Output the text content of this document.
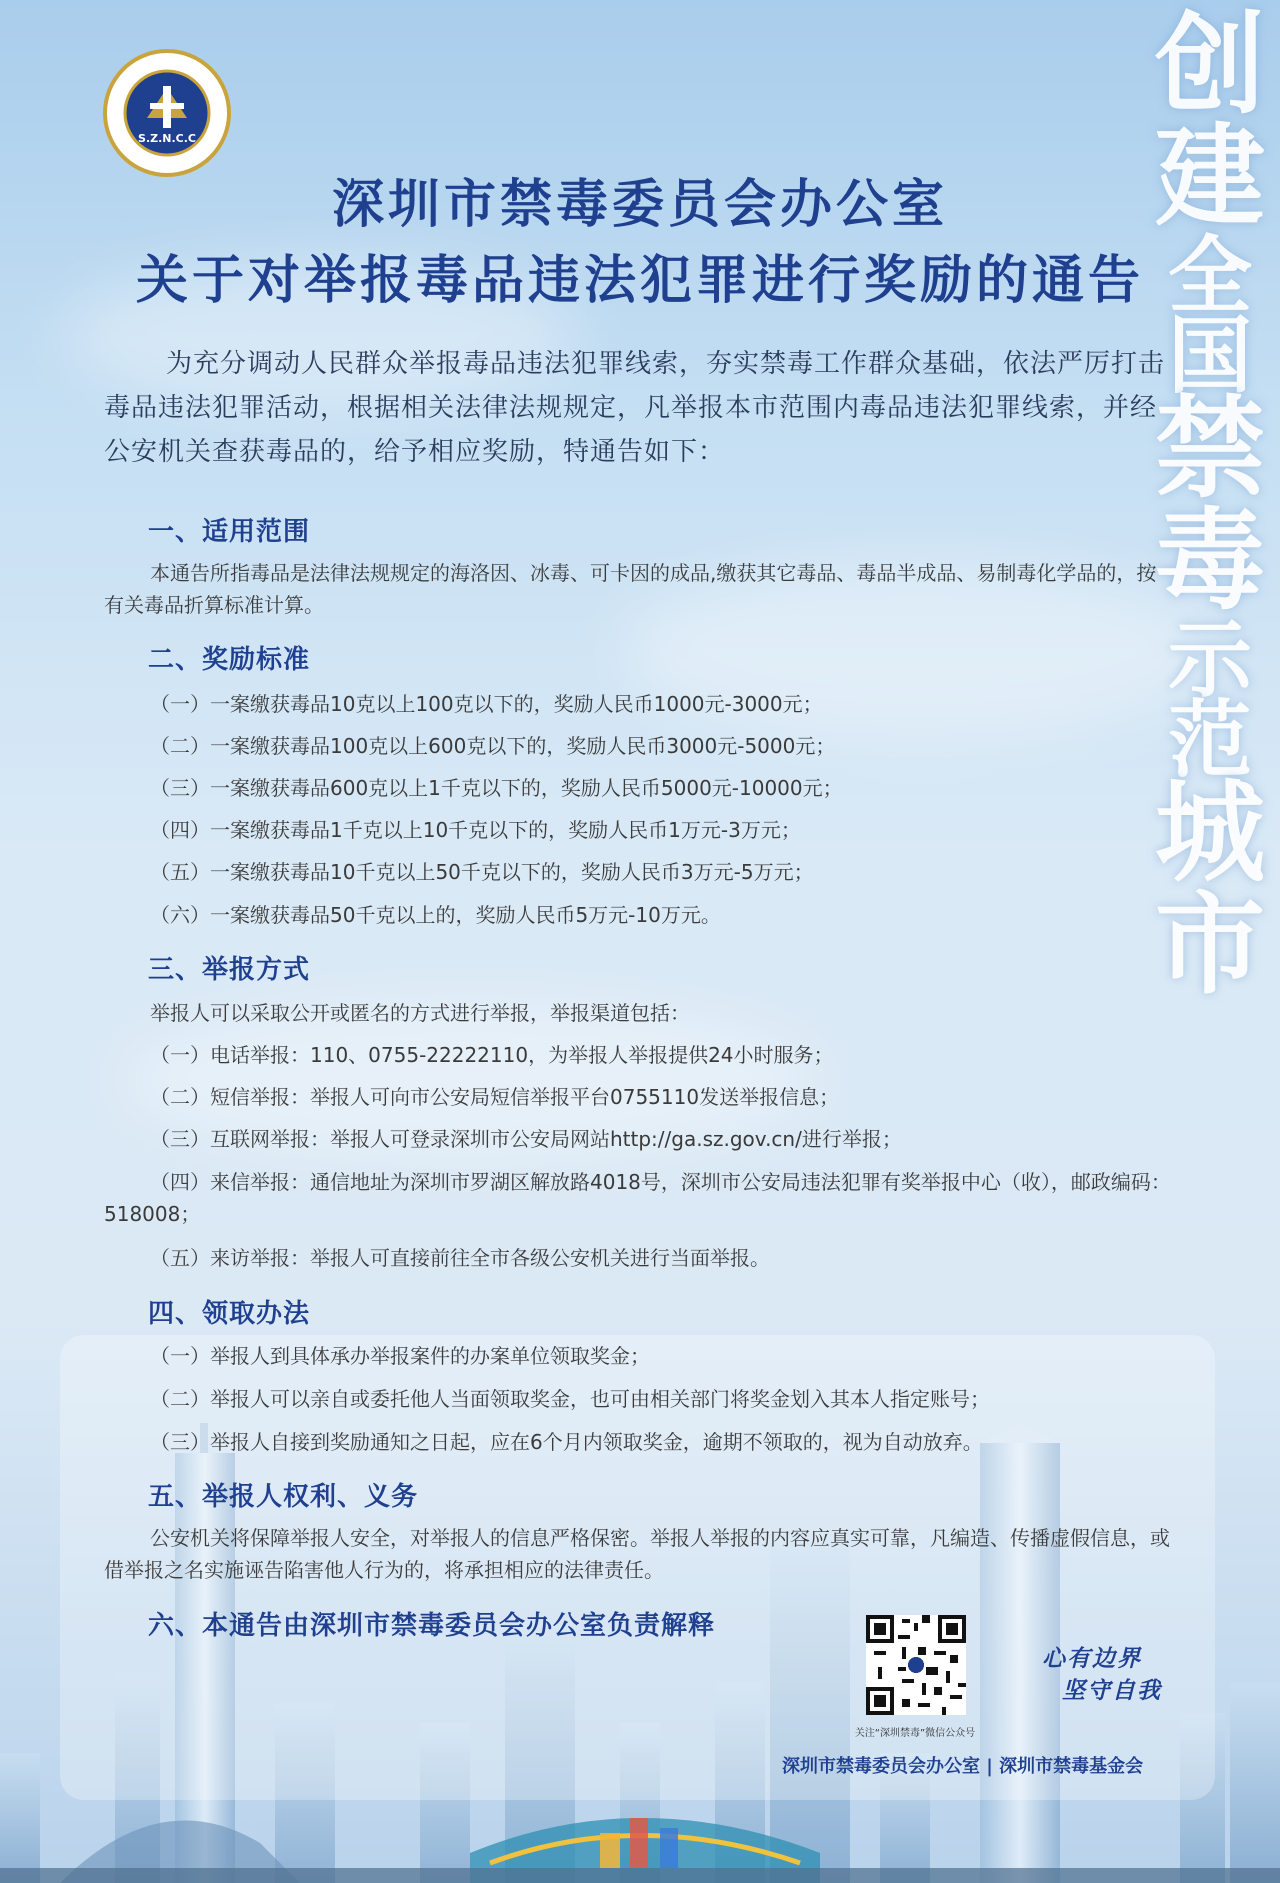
S.Z.N.C.C
创
建
全
国
禁
毒
示
范
城
市
深圳市禁毒委员会办公室
关于对举报毒品违法犯罪进行奖励的通告

为充分调动人民群众举报毒品违法犯罪线索，夯实禁毒工作群众基础，依法严厉打击毒品违法犯罪活动，根据相关法律法规规定，凡举报本市范围内毒品违法犯罪线索，并经公安机关查获毒品的，给予相应奖励，特通告如下：

一、适用范围
本通告所指毒品是法律法规规定的海洛因、冰毒、可卡因的成品,缴获其它毒品、毒品半成品、易制毒化学品的，按有关毒品折算标准计算。
二、奖励标准
（一）一案缴获毒品10克以上100克以下的，奖励人民币1000元-3000元；
（二）一案缴获毒品100克以上600克以下的，奖励人民币3000元-5000元；
（三）一案缴获毒品600克以上1千克以下的，奖励人民币5000元-10000元；
（四）一案缴获毒品1千克以上10千克以下的，奖励人民币1万元-3万元；
（五）一案缴获毒品10千克以上50千克以下的，奖励人民币3万元-5万元；
（六）一案缴获毒品50千克以上的，奖励人民币5万元-10万元。
三、举报方式
举报人可以采取公开或匿名的方式进行举报，举报渠道包括：
（一）电话举报：110、0755-22222110，为举报人举报提供24小时服务；
（二）短信举报：举报人可向市公安局短信举报平台0755110发送举报信息；
（三）互联网举报：举报人可登录深圳市公安局网站http://ga.sz.gov.cn/进行举报；
（四）来信举报：通信地址为深圳市罗湖区解放路4018号，深圳市公安局违法犯罪有奖举报中心（收），邮政编码：518008；
（五）来访举报：举报人可直接前往全市各级公安机关进行当面举报。
四、领取办法
（一）举报人到具体承办举报案件的办案单位领取奖金；
（二）举报人可以亲自或委托他人当面领取奖金，也可由相关部门将奖金划入其本人指定账号；
（三）举报人自接到奖励通知之日起，应在6个月内领取奖金，逾期不领取的，视为自动放弃。
五、举报人权利、义务
公安机关将保障举报人安全，对举报人的信息严格保密。举报人举报的内容应真实可靠，凡编造、传播虚假信息，或借举报之名实施诬告陷害他人行为的，将承担相应的法律责任。
六、本通告由深圳市禁毒委员会办公室负责解释
关注“深圳禁毒”微信公众号
心有边界
坚守自我
深圳市禁毒委员会办公室 | 深圳市禁毒基金会
